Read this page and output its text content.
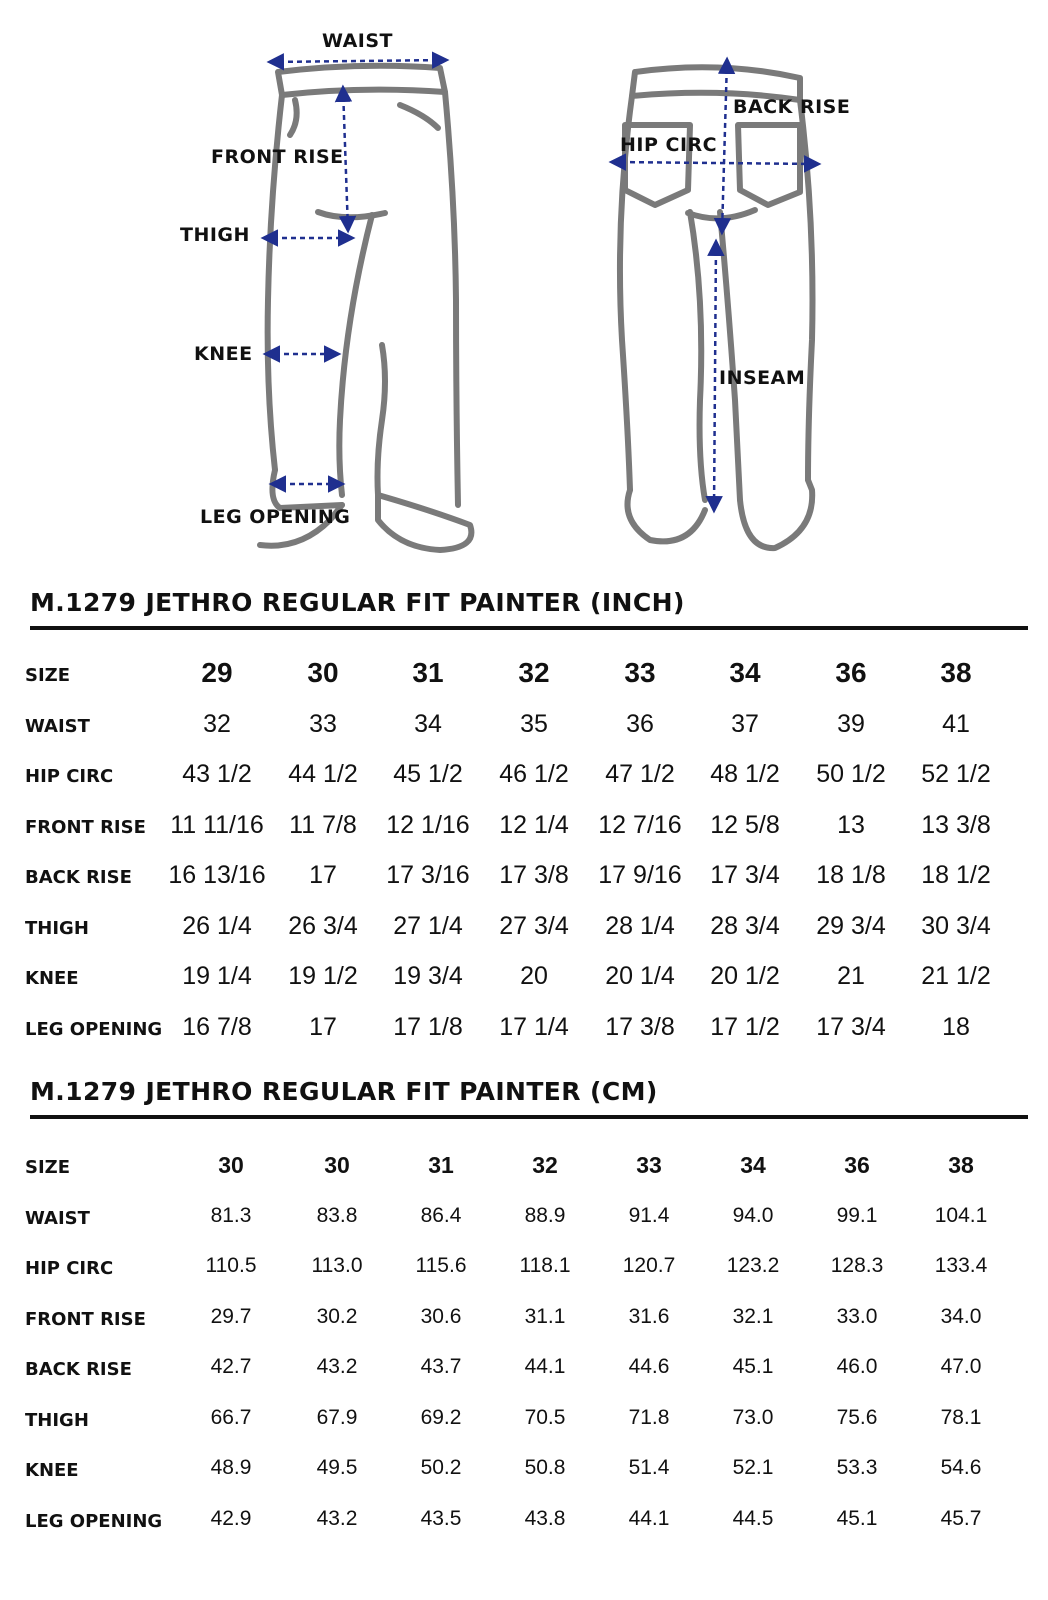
WAIST
FRONT RISE
THIGH
KNEE
LEG OPENING
BACK RISE
HIP CIRC
INSEAM
M.1279 JETHRO REGULAR FIT PAINTER (INCH)
SIZE	29	30	31	32	33	34	36	38
WAIST	32	33	34	35	36	37	39	41
HIP CIRC	43 1/2	44 1/2	45 1/2	46 1/2	47 1/2	48 1/2	50 1/2	52 1/2
FRONT RISE 11 11/16	11 7/8	12 1/16	12 1/4	12 7/16	12 5/8	13	13 3/8
BACK RISE 16 13/16	17	17 3/16	17 3/8	17 9/16	17 3/4	18 1/8	18 1/2
THIGH	26 1/4	26 3/4	27 1/4	27 3/4	28 1/4	28 3/4	29 3/4	30 3/4
KNEE	19 1/4	19 1/2	19 3/4	20	20 1/4	20 1/2	21	21 1/2
LEG OPENING 16 7/8	17	17 1/8	17 1/4	17 3/8	17 1/2	17 3/4	18
M.1279 JETHRO REGULAR FIT PAINTER (CM)
SIZE	30	30	31	32	33	34	36	38
WAIST	81.3	83.8	86.4	88.9	91.4	94.0	99.1	104.1
HIP CIRC	110.5	113.0	115.6	118.1	120.7	123.2	128.3	133.4
FRONT RISE	29.7	30.2	30.6	31.1	31.6	32.1	33.0	34.0
BACK RISE	42.7	43.2	43.7	44.1	44.6	45.1	46.0	47.0
THIGH	66.7	67.9	69.2	70.5	71.8	73.0	75.6	78.1
KNEE	48.9	49.5	50.2	50.8	51.4	52.1	53.3	54.6
LEG OPENING	42.9	43.2	43.5	43.8	44.1	44.5	45.1	45.7
